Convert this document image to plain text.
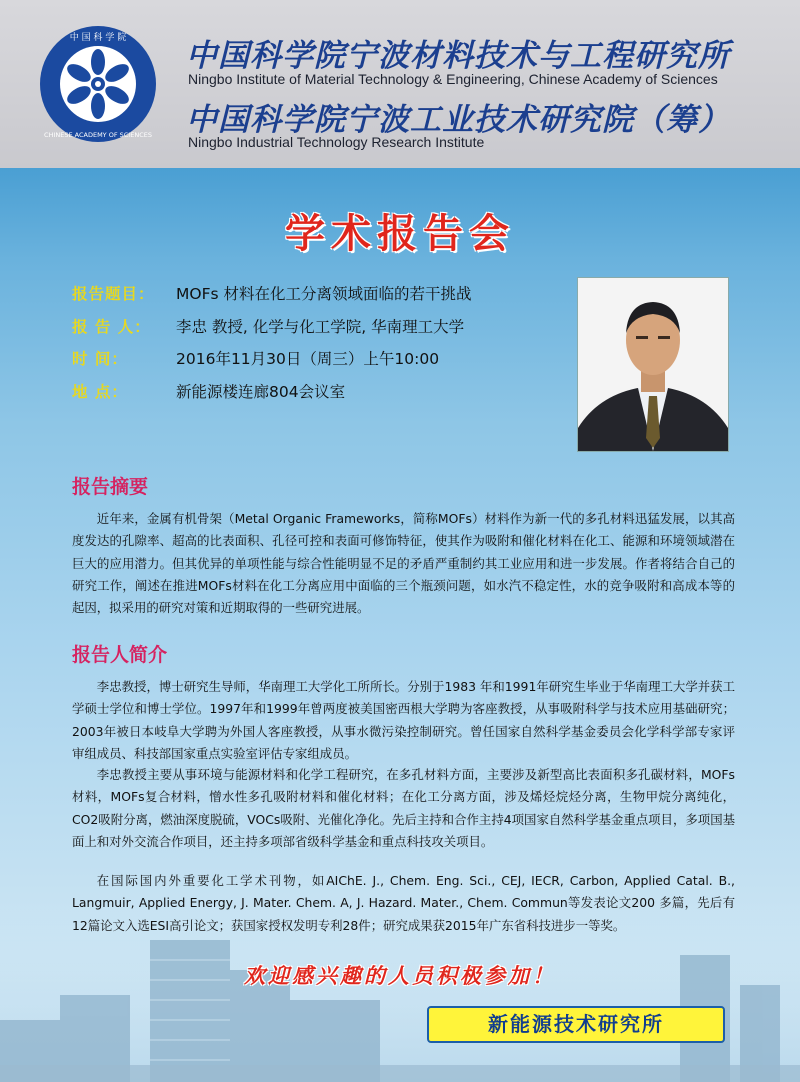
中 国 科 学 院
CHINESE ACADEMY OF SCIENCES
中国科学院宁波材料技术与工程研究所
Ningbo Institute of Material Technology & Engineering, Chinese Academy of Sciences
中国科学院宁波工业技术研究院（筹）
Ningbo Industrial Technology Research Institute
学术报告会
报告题目： MOFs 材料在化工分离领域面临的若干挑战
报 告 人： 李忠 教授, 化学与化工学院, 华南理工大学
时 间：	2016年11月30日（周三）上午10:00
地 点：	新能源楼连廊804会议室
报告摘要

近年来，金属有机骨架（Metal Organic Frameworks，简称MOFs）材料作为新一代的多孔材料迅猛发展，以其高度发达的孔隙率、超高的比表面积、孔径可控和表面可修饰特征，使其作为吸附和催化材料在化工、能源和环境领域潜在巨大的应用潜力。但其优异的单项性能与综合性能明显不足的矛盾严重制约其工业应用和进一步发展。作者将结合自己的研究工作，阐述在推进MOFs材料在化工分离应用中面临的三个瓶颈问题，如水汽不稳定性，水的竞争吸附和高成本等的起因，拟采用的研究对策和近期取得的一些研究进展。

报告人简介

李忠教授，博士研究生导师，华南理工大学化工所所长。分别于1983 年和1991年研究生毕业于华南理工大学并获工学硕士学位和博士学位。1997年和1999年曾两度被美国密西根大学聘为客座教授，从事吸附科学与技术应用基础研究；2003年被日本岐阜大学聘为外国人客座教授，从事水微污染控制研究。曾任国家自然科学基金委员会化学科学部专家评审组成员、科技部国家重点实验室评估专家组成员。

李忠教授主要从事环境与能源材料和化学工程研究，在多孔材料方面，主要涉及新型高比表面积多孔碳材料，MOFs材料，MOFs复合材料，憎水性多孔吸附材料和催化材料；在化工分离方面，涉及烯烃烷烃分离，生物甲烷分离纯化，CO2吸附分离，燃油深度脱硫，VOCs吸附、光催化净化。先后主持和合作主持4项国家自然科学基金重点项目，多项国基面上和对外交流合作项目，还主持多项部省级科学基金和重点科技攻关项目。

在国际国内外重要化工学术刊物，如AIChE. J., Chem. Eng. Sci., CEJ, IECR, Carbon, Applied Catal. B., Langmuir, Applied Energy, J. Mater. Chem. A, J. Hazard. Mater., Chem. Commun等发表论文200 多篇，先后有12篇论文入选ESI高引论文；获国家授权发明专利28件；研究成果获2015年广东省科技进步一等奖。

欢迎感兴趣的人员积极参加！
新能源技术研究所
